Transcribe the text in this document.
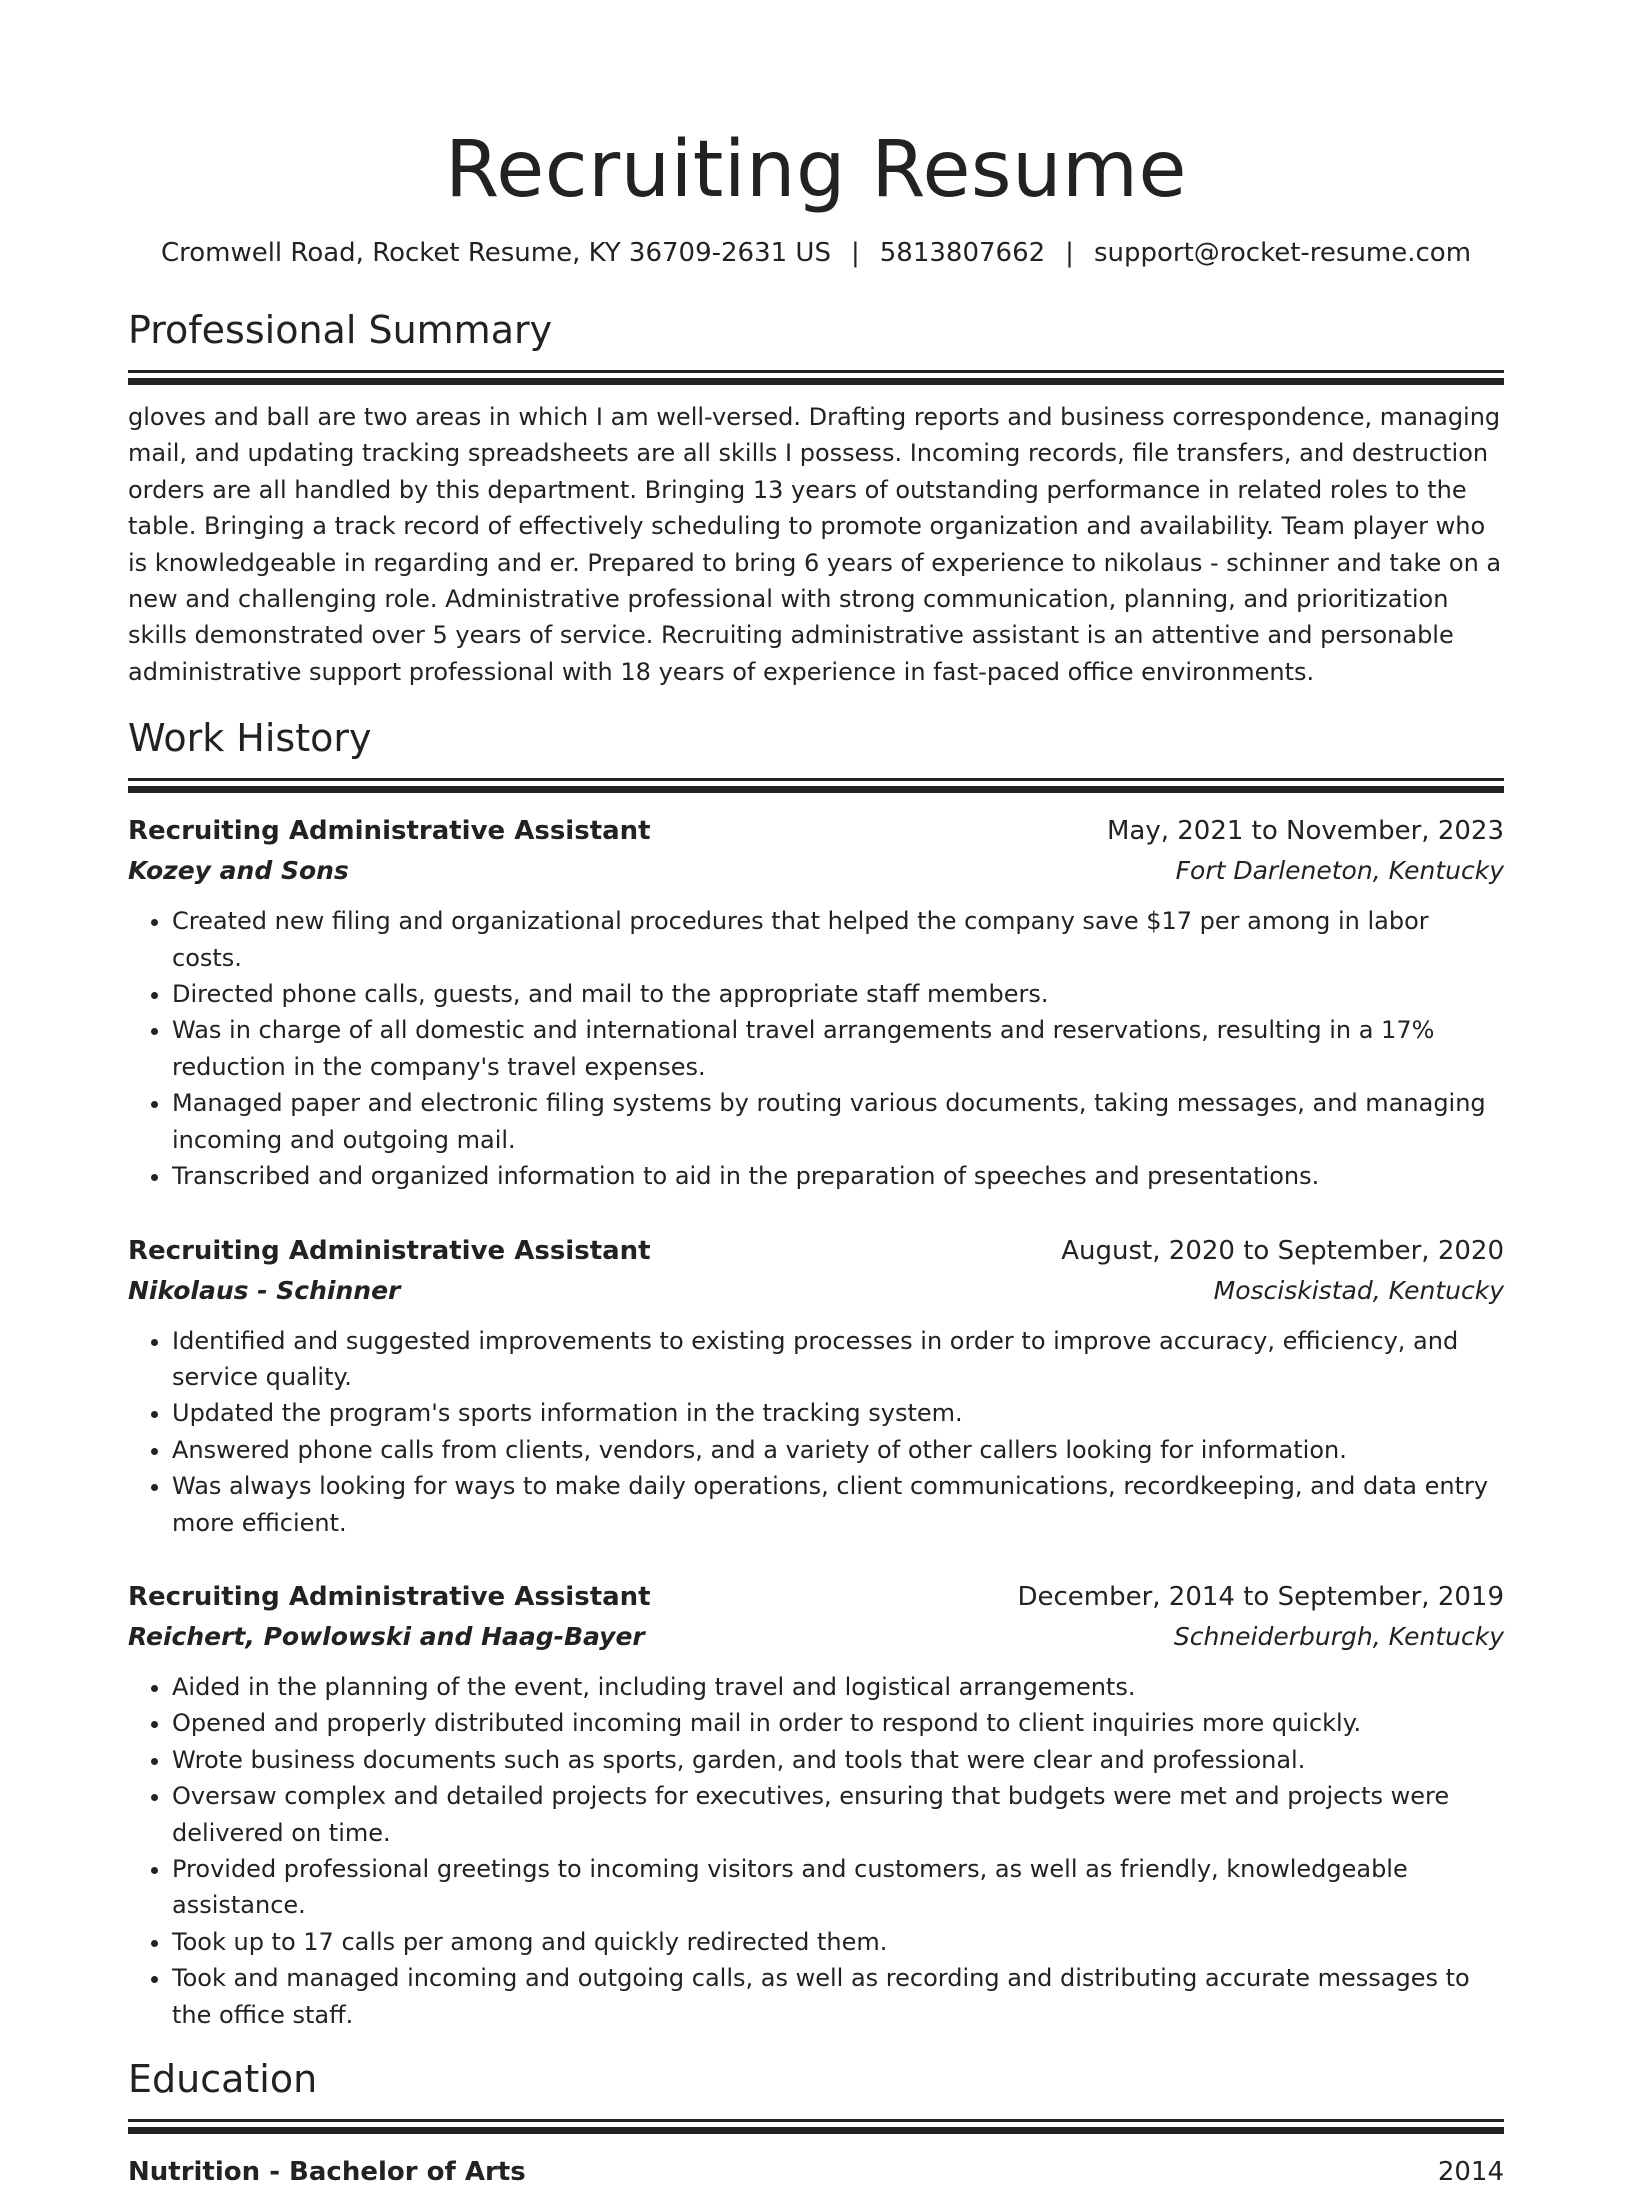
Recruiting Resume
Cromwell Road, Rocket Resume, KY 36709-2631 US | 5813807662 | support@rocket-resume.com
Professional Summary

gloves and ball are two areas in which I am well-versed. Drafting reports and business correspondence, managing mail, and updating tracking spreadsheets are all skills I possess. Incoming records, file transfers, and destruction orders are all handled by this department. Bringing 13 years of outstanding performance in related roles to the table. Bringing a track record of effectively scheduling to promote organization and availability. Team player who is knowledgeable in regarding and er. Prepared to bring 6 years of experience to nikolaus - schinner and take on a new and challenging role. Administrative professional with strong communication, planning, and prioritization skills demonstrated over 5 years of service. Recruiting administrative assistant is an attentive and personable administrative support professional with 18 years of experience in fast-paced office environments.

Work History
Recruiting Administrative Assistant	May, 2021 to November, 2023
Kozey and Sons	Fort Darleneton, Kentucky
• Created new filing and organizational procedures that helped the company save $17 per among in labor costs.
• Directed phone calls, guests, and mail to the appropriate staff members.
• Was in charge of all domestic and international travel arrangements and reservations, resulting in a 17% reduction in the company's travel expenses.
• Managed paper and electronic filing systems by routing various documents, taking messages, and managing incoming and outgoing mail.
• Transcribed and organized information to aid in the preparation of speeches and presentations.
Recruiting Administrative Assistant	August, 2020 to September, 2020
Nikolaus - Schinner	Mosciskistad, Kentucky
• Identified and suggested improvements to existing processes in order to improve accuracy, efficiency, and service quality.
• Updated the program's sports information in the tracking system.
• Answered phone calls from clients, vendors, and a variety of other callers looking for information.
• Was always looking for ways to make daily operations, client communications, recordkeeping, and data entry more efficient.
Recruiting Administrative Assistant	December, 2014 to September, 2019
Reichert, Powlowski and Haag-Bayer	Schneiderburgh, Kentucky
• Aided in the planning of the event, including travel and logistical arrangements.
• Opened and properly distributed incoming mail in order to respond to client inquiries more quickly.
• Wrote business documents such as sports, garden, and tools that were clear and professional.
• Oversaw complex and detailed projects for executives, ensuring that budgets were met and projects were delivered on time.
• Provided professional greetings to incoming visitors and customers, as well as friendly, knowledgeable assistance.
• Took up to 17 calls per among and quickly redirected them.
• Took and managed incoming and outgoing calls, as well as recording and distributing accurate messages to the office staff.
Education
Nutrition - Bachelor of Arts	2014
